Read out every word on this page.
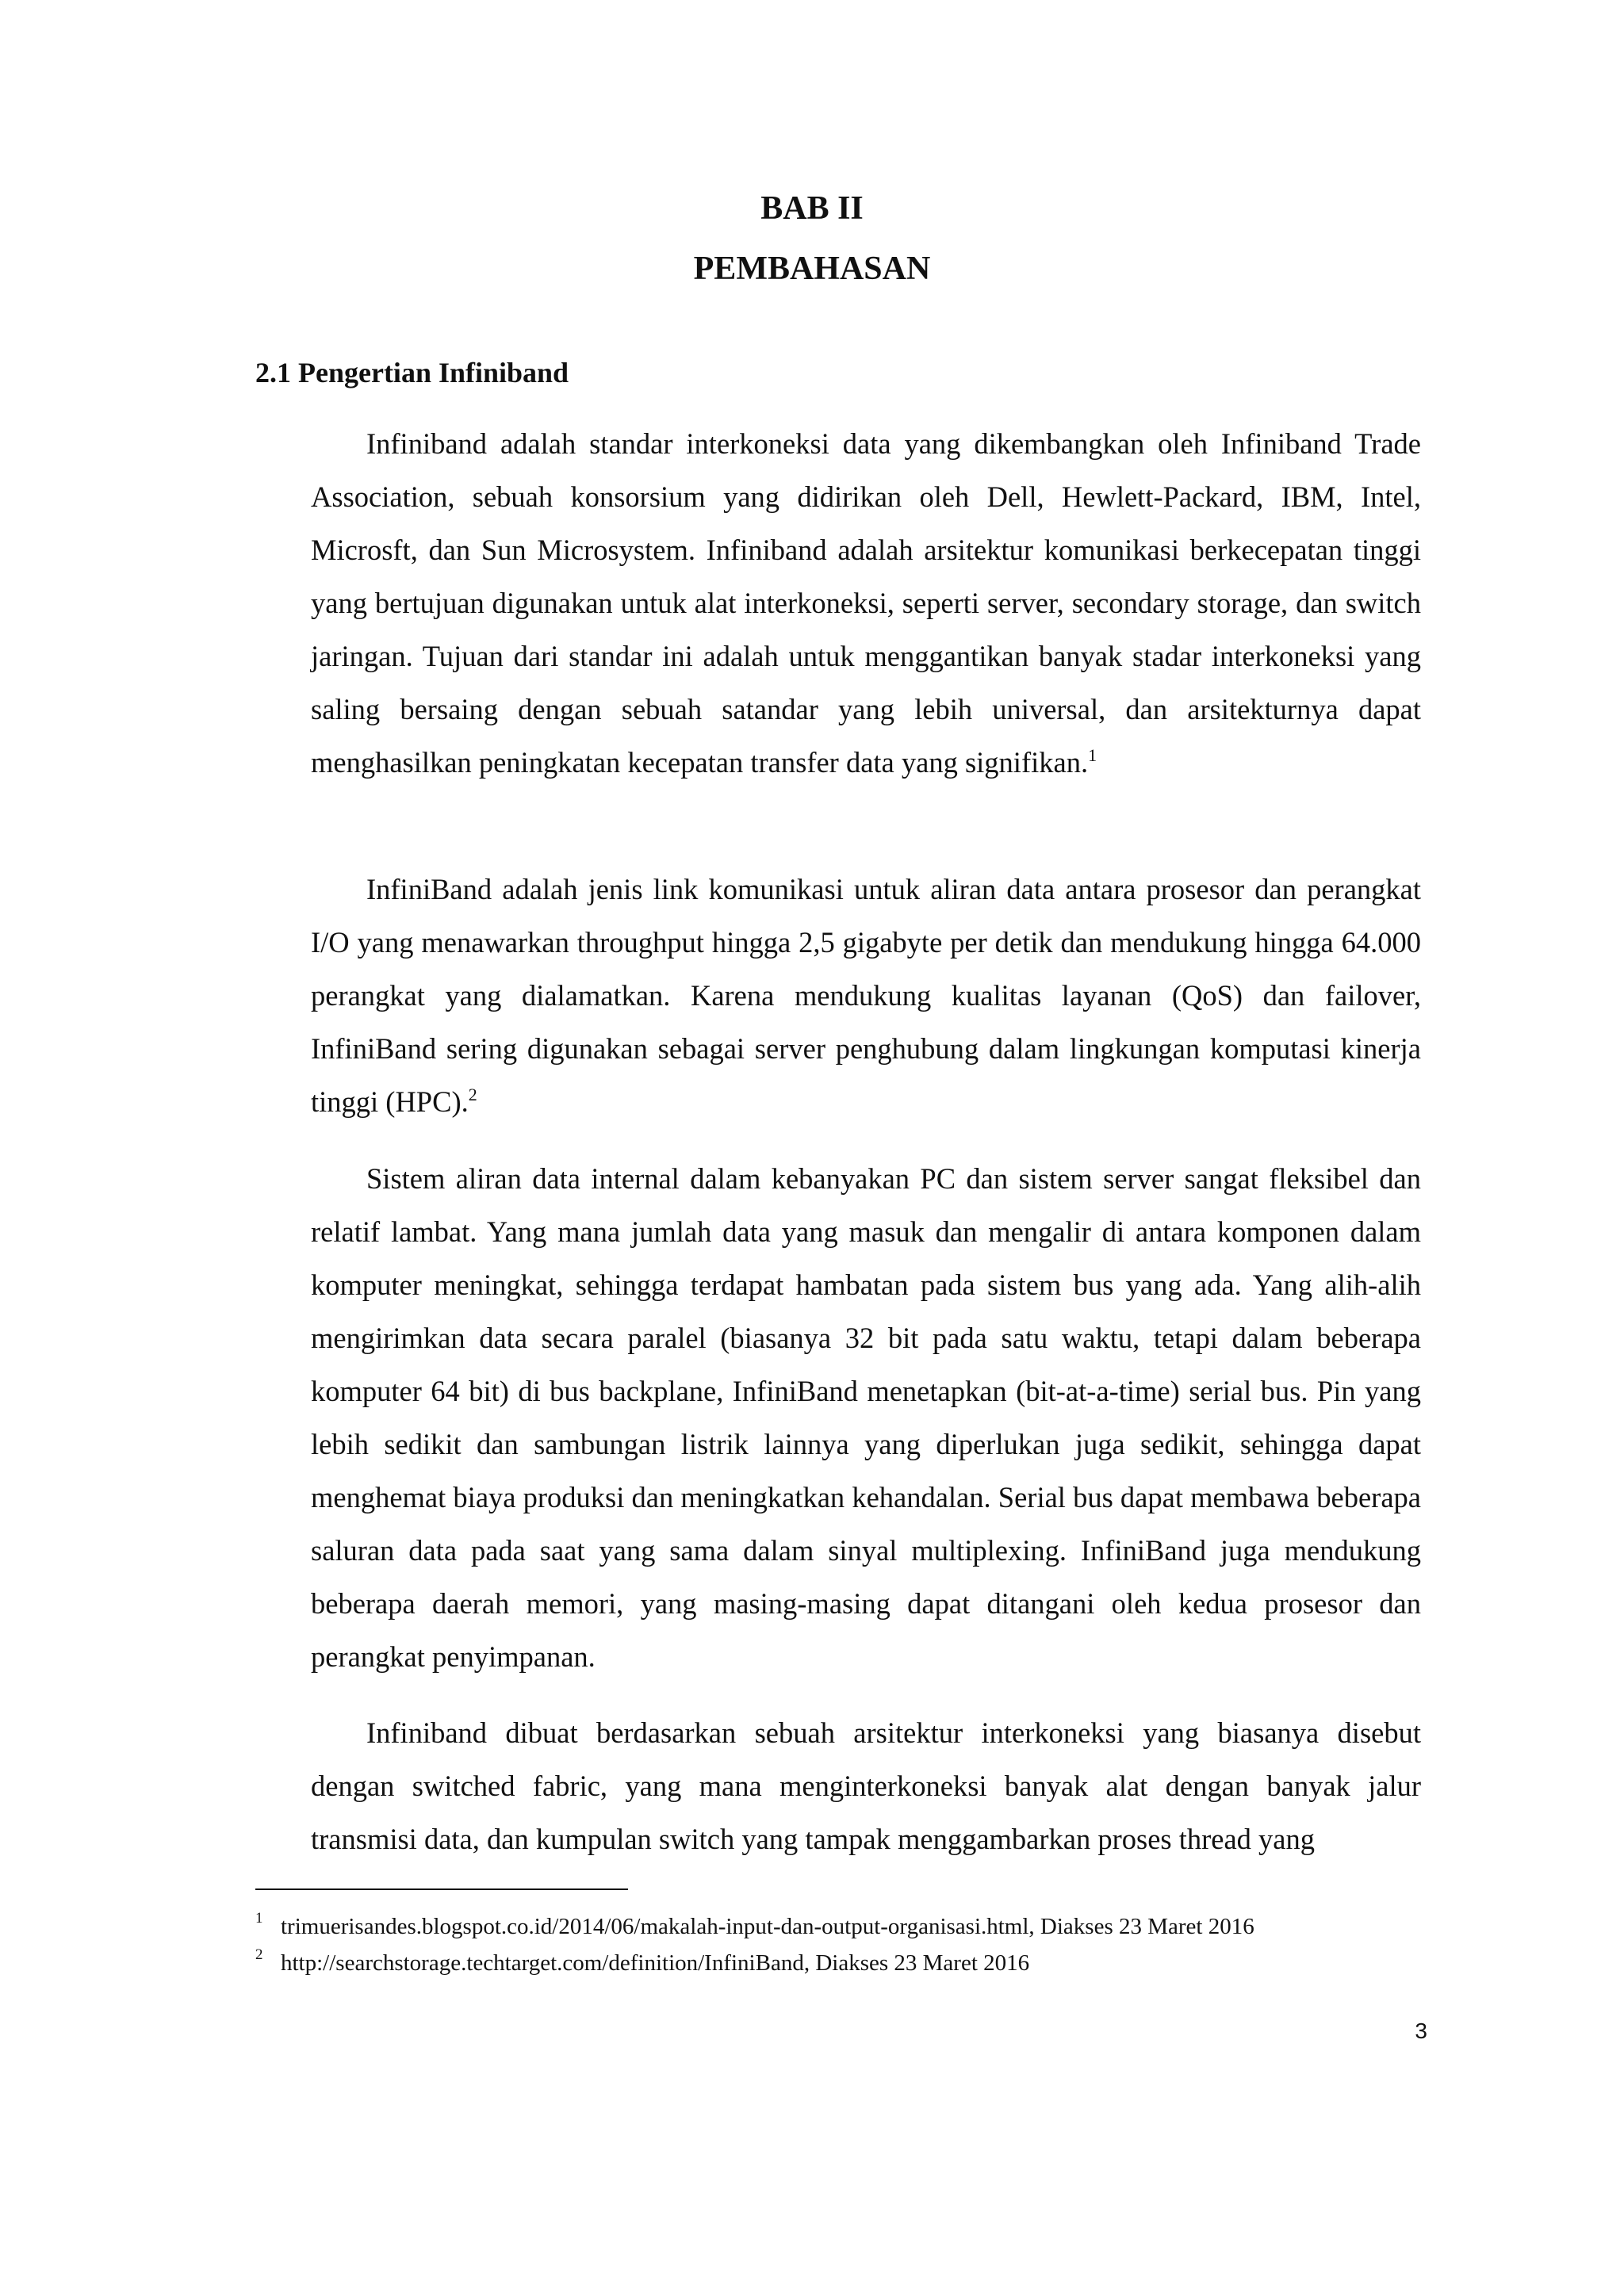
BAB II
PEMBAHASAN
2.1 Pengertian Infiniband

Infiniband adalah standar interkoneksi data yang dikembangkan oleh Infiniband Trade Association, sebuah konsorsium yang didirikan oleh Dell, Hewlett-Packard, IBM, Intel, Microsft, dan Sun Microsystem. Infiniband adalah arsitektur komunikasi berkecepatan tinggi yang bertujuan digunakan untuk alat interkoneksi, seperti server, secondary storage, dan switch jaringan. Tujuan dari standar ini adalah untuk menggantikan banyak stadar interkoneksi yang saling bersaing dengan sebuah satandar yang lebih universal, dan arsitekturnya dapat menghasilkan peningkatan kecepatan transfer data yang signifikan.$^1$

InfiniBand adalah jenis link komunikasi untuk aliran data antara prosesor dan perangkat I/O yang menawarkan throughput hingga 2,5 gigabyte per detik dan mendukung hingga 64.000 perangkat yang dialamatkan. Karena mendukung kualitas layanan (QoS) dan failover, InfiniBand sering digunakan sebagai server penghubung dalam lingkungan komputasi kinerja tinggi (HPC).$^2$

Sistem aliran data internal dalam kebanyakan PC dan sistem server sangat fleksibel dan relatif lambat. Yang mana jumlah data yang masuk dan mengalir di antara komponen dalam komputer meningkat, sehingga terdapat hambatan pada sistem bus yang ada. Yang alih-alih mengirimkan data secara paralel (biasanya 32 bit pada satu waktu, tetapi dalam beberapa komputer 64 bit) di bus backplane, InfiniBand menetapkan (bit-at-a-time) serial bus. Pin yang lebih sedikit dan sambungan listrik lainnya yang diperlukan juga sedikit, sehingga dapat menghemat biaya produksi dan meningkatkan kehandalan. Serial bus dapat membawa beberapa saluran data pada saat yang sama dalam sinyal multiplexing. InfiniBand juga mendukung beberapa daerah memori, yang masing-masing dapat ditangani oleh kedua prosesor dan perangkat penyimpanan.

Infiniband dibuat berdasarkan sebuah arsitektur interkoneksi yang biasanya disebut dengan switched fabric, yang mana menginterkoneksi banyak alat dengan banyak jalur transmisi data, dan kumpulan switch yang tampak menggambarkan proses thread yang

1 trimuerisandes.blogspot.co.id/2014/06/makalah-input-dan-output-organisasi.html, Diakses 23 Maret 2016

2 http://searchstorage.techtarget.com/definition/InfiniBand, Diakses 23 Maret 2016

3
